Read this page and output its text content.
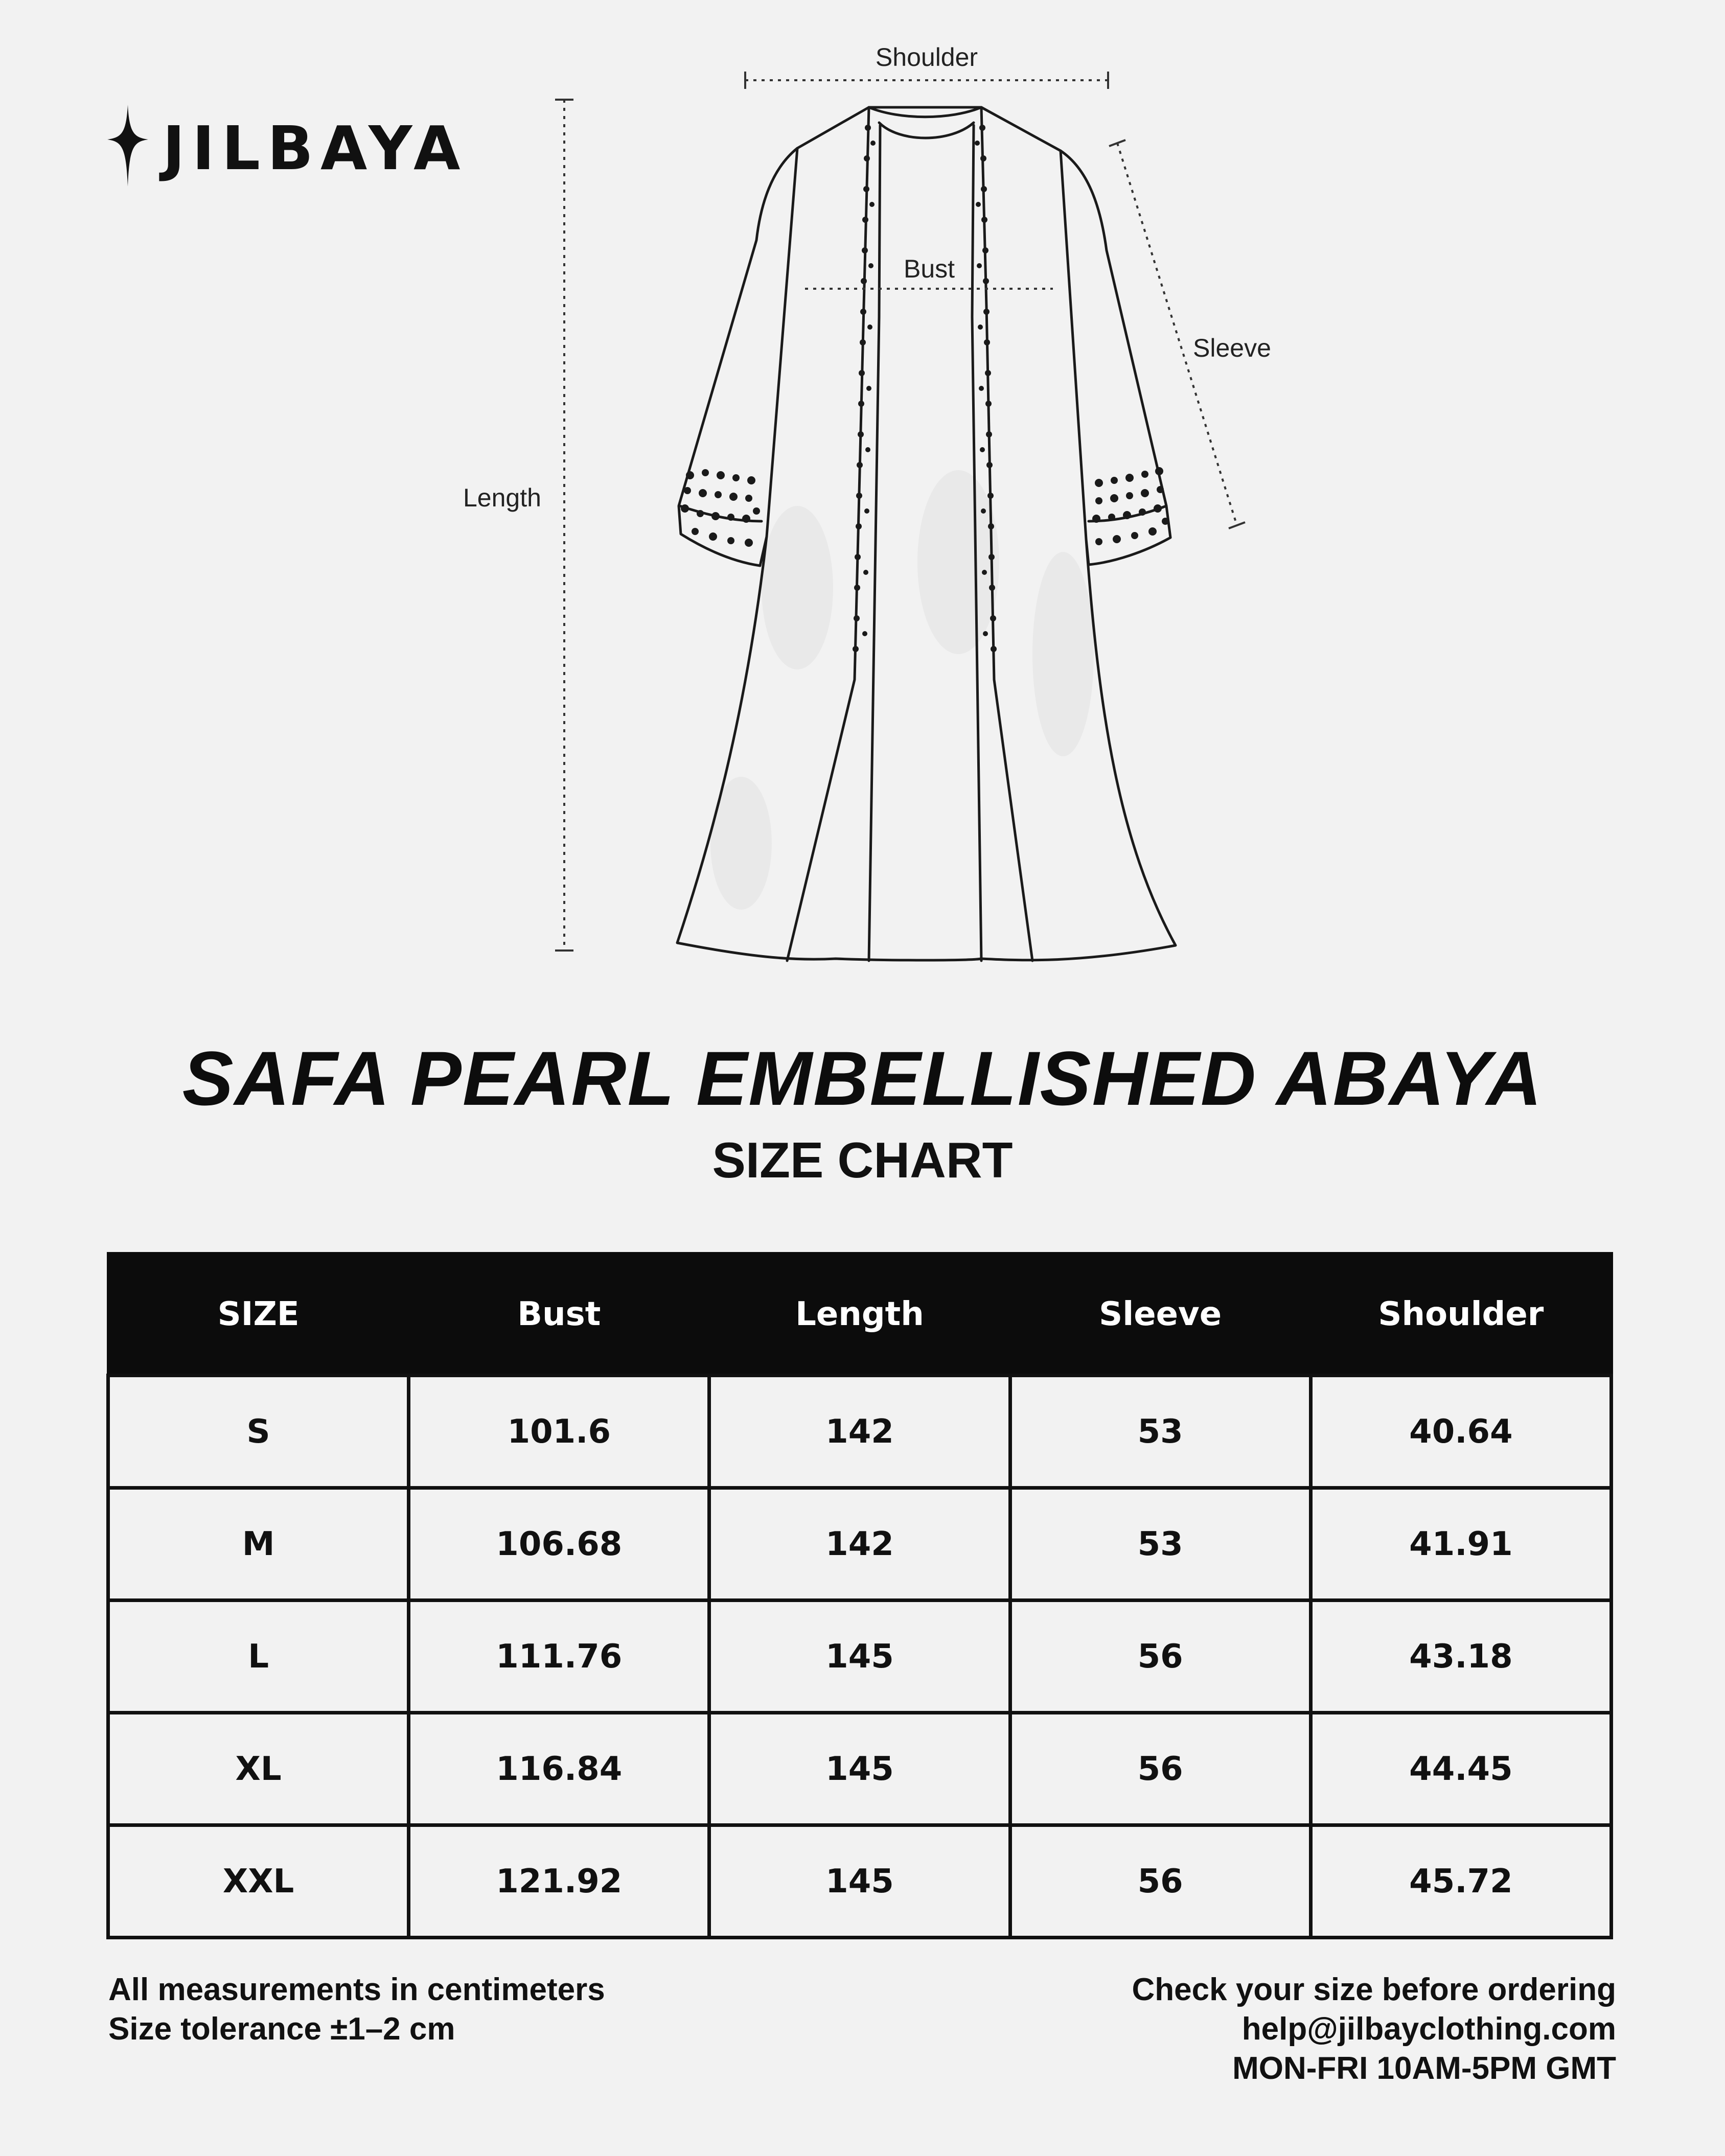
JILBAYA
Shoulder
Bust
Sleeve
Length
SAFA PEARL EMBELLISHED ABAYA
SIZE CHART
SIZE	Bust	Length	Sleeve	Shoulder
S	101.6	142	53	40.64
M	106.68	142	53	41.91
L	111.76	145	56	43.18
XL	116.84	145	56	44.45
XXL	121.92	145	56	45.72
All measurements in centimeters
Size tolerance ±1–2 cm
Check your size before ordering
help@jilbayclothing.com
MON-FRI 10AM-5PM GMT
